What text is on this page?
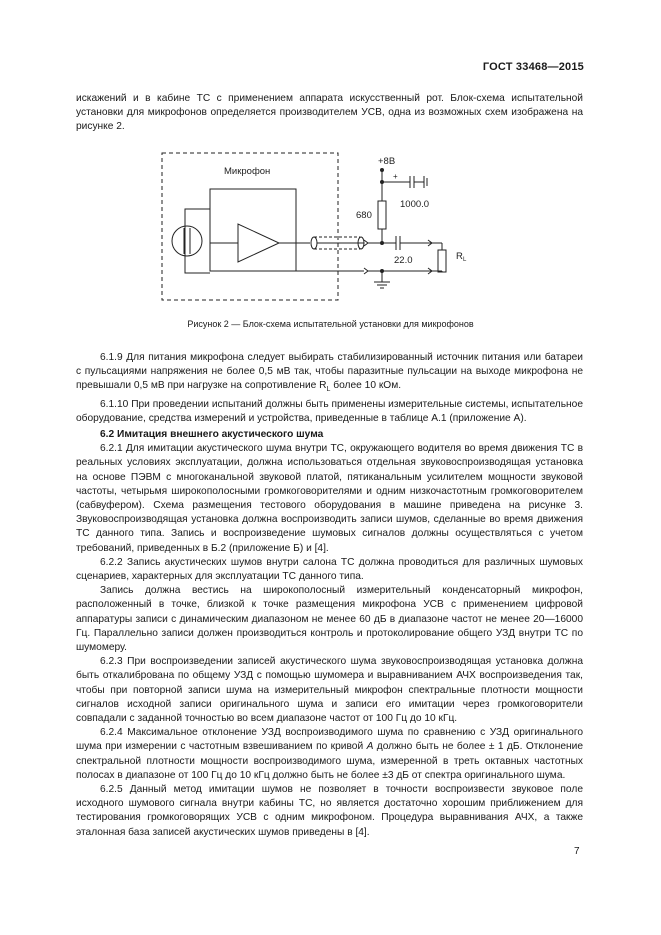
ГОСТ 33468—2015

искажений и в кабине ТС с применением аппарата искусственный рот. Блок-схема испытательной установки для микрофонов определяется производителем УСВ, одна из возможных схем изображена на рисунке 2.

Микрофон
+8В
1000.0
680
22.0	R L
+
Рисунок 2 — Блок-схема испытательной установки для микрофонов

6.1.9 Для питания микрофона следует выбирать стабилизированный источник питания или батареи с пульсациями напряжения не более 0,5 мВ так, чтобы паразитные пульсации на выходе микрофона не превышали 0,5 мВ при нагрузке на сопротивление $R_L$ более 10 кОм.

6.1.10 При проведении испытаний должны быть применены измерительные системы, испытательное оборудование, средства измерений и устройства, приведенные в таблице А.1 (приложение А).

6.2 Имитация внешнего акустического шума

6.2.1 Для имитации акустического шума внутри ТС, окружающего водителя во время движения ТС в реальных условиях эксплуатации, должна использоваться отдельная звуковоспроизводящая установка на основе ПЭВМ с многоканальной звуковой платой, пятиканальным усилителем мощности звуковой частоты, четырьмя широкополосными громкоговорителями и одним низкочастотным громкоговорителем (сабвуфером). Схема размещения тестового оборудования в машине приведена на рисунке 3. Звуковоспроизводящая установка должна воспроизводить записи шумов, сделанные во время движения ТС данного типа. Запись и воспроизведение шумовых сигналов должны осуществляться с учетом требований, приведенных в Б.2 (приложение Б) и [4].

6.2.2 Запись акустических шумов внутри салона ТС должна проводиться для различных шумовых сценариев, характерных для эксплуатации ТС данного типа.

Запись должна вестись на широкополосный измерительный конденсаторный микрофон, расположенный в точке, близкой к точке размещения микрофона УСВ с применением цифровой аппаратуры записи с динамическим диапазоном не менее 60 дБ в диапазоне частот не менее 20—16000 Гц. Параллельно записи должен производиться контроль и протоколирование общего УЗД внутри ТС по шумомеру.

6.2.3 При воспроизведении записей акустического шума звуковоспроизводящая установка должна быть откалибрована по общему УЗД с помощью шумомера и выравниванием АЧХ воспроизведения так, чтобы при повторной записи шума на измерительный микрофон спектральные плотности мощности сигналов исходной записи оригинального шума и записи его имитации через громкоговорители совпадали с заданной точностью во всем диапазоне частот от 100 Гц до 10 кГц.

6.2.4 Максимальное отклонение УЗД воспроизводимого шума по сравнению с УЗД оригинального шума при измерении с частотным взвешиванием по кривой А должно быть не более ± 1 дБ. Отклонение спектральной плотности мощности воспроизводимого шума, измеренной в треть октавных частотных полосах в диапазоне от 100 Гц до 10 кГц должно быть не более ±3 дБ от спектра оригинального шума.

6.2.5 Данный метод имитации шумов не позволяет в точности воспроизвести звуковое поле исходного шумового сигнала внутри кабины ТС, но является достаточно хорошим приближением для тестирования громкоговорящих УСВ с одним микрофоном. Процедура выравнивания АЧХ, а также эталонная база записей акустических шумов приведены в [4].

7
